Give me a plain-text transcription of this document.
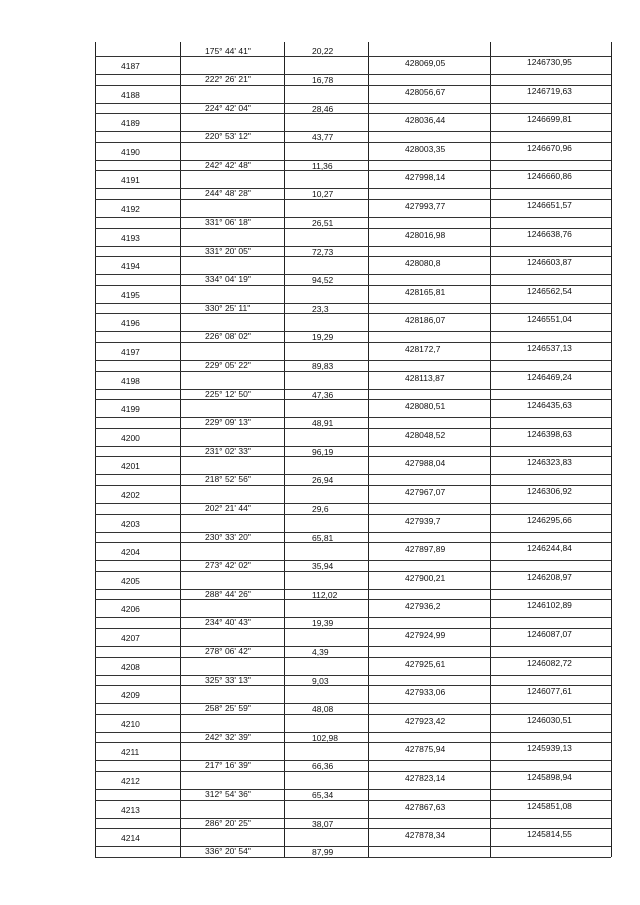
175° 44' 41"	20,22
4187	428069,05	1246730,95
222° 26' 21"	16,78
4188	428056,67	1246719,63
224° 42' 04"	28,46
4189	428036,44	1246699,81
220° 53' 12"	43,77
4190	428003,35	1246670,96
242° 42' 48"	11,36
4191	427998,14	1246660,86
244° 48' 28"	10,27
4192	427993,77	1246651,57
331° 06' 18"	26,51
4193	428016,98	1246638,76
331° 20' 05"	72,73
4194	428080,8	1246603,87
334° 04' 19"	94,52
4195	428165,81	1246562,54
330° 25' 11"	23,3
4196	428186,07	1246551,04
226° 08' 02"	19,29
4197	428172,7	1246537,13
229° 05' 22"	89,83
4198	428113,87	1246469,24
225° 12' 50"	47,36
4199	428080,51	1246435,63
229° 09' 13"	48,91
4200	428048,52	1246398,63
231° 02' 33"	96,19
4201	427988,04	1246323,83
218° 52' 56"	26,94
4202	427967,07	1246306,92
202° 21' 44"	29,6
4203	427939,7	1246295,66
230° 33' 20"	65,81
4204	427897,89	1246244,84
273° 42' 02"	35,94
4205	427900,21	1246208,97
288° 44' 26"	112,02
4206	427936,2	1246102,89
234° 40' 43"	19,39
4207	427924,99	1246087,07
278° 06' 42"	4,39
4208	427925,61	1246082,72
325° 33' 13"	9,03
4209	427933,06	1246077,61
258° 25' 59"	48,08
4210	427923,42	1246030,51
242° 32' 39"	102,98
4211	427875,94	1245939,13
217° 16' 39"	66,36
4212	427823,14	1245898,94
312° 54' 36"	65,34
4213	427867,63	1245851,08
286° 20' 25"	38,07
4214	427878,34	1245814,55
336° 20' 54"	87,99
